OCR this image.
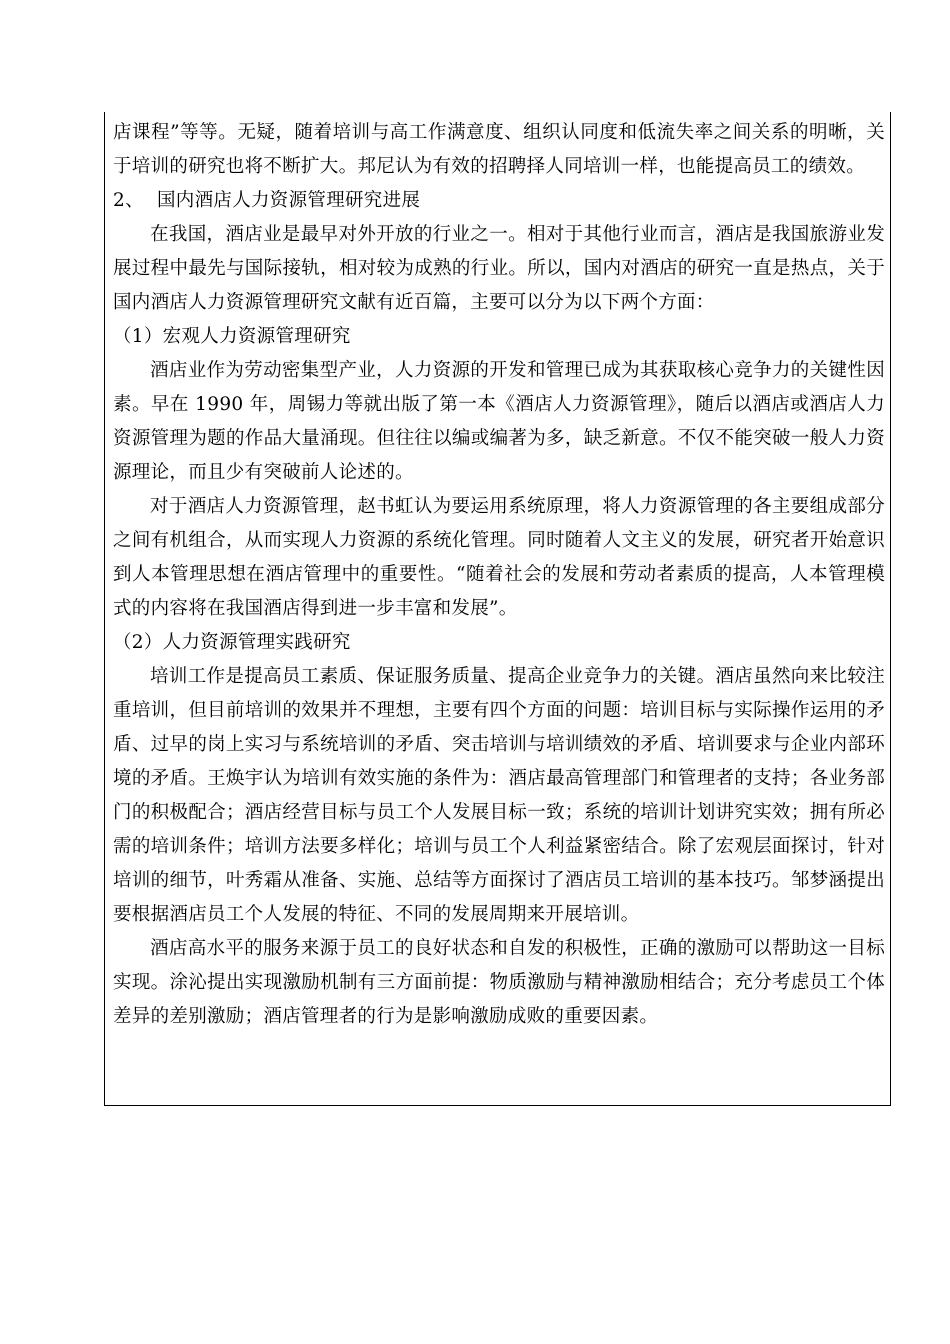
店课程”等等。无疑，随着培训与高工作满意度、组织认同度和低流失率之间关系的明晰，关于培训的研究也将不断扩大。邦尼认为有效的招聘择人同培训一样，也能提高员工的绩效。

2、 国内酒店人力资源管理研究进展

在我国，酒店业是最早对外开放的行业之一。相对于其他行业而言，酒店是我国旅游业发展过程中最先与国际接轨，相对较为成熟的行业。所以，国内对酒店的研究一直是热点，关于国内酒店人力资源管理研究文献有近百篇，主要可以分为以下两个方面：

（1）宏观人力资源管理研究

酒店业作为劳动密集型产业，人力资源的开发和管理已成为其获取核心竞争力的关键性因素。早在 1990 年，周锡力等就出版了第一本《酒店人力资源管理》，随后以酒店或酒店人力资源管理为题的作品大量涌现。但往往以编或编著为多，缺乏新意。不仅不能突破一般人力资源理论，而且少有突破前人论述的。

对于酒店人力资源管理，赵书虹认为要运用系统原理，将人力资源管理的各主要组成部分之间有机组合，从而实现人力资源的系统化管理。同时随着人文主义的发展，研究者开始意识到人本管理思想在酒店管理中的重要性。“随着社会的发展和劳动者素质的提高，人本管理模式的内容将在我国酒店得到进一步丰富和发展”。

（2）人力资源管理实践研究

培训工作是提高员工素质、保证服务质量、提高企业竞争力的关键。酒店虽然向来比较注重培训，但目前培训的效果并不理想，主要有四个方面的问题：培训目标与实际操作运用的矛盾、过早的岗上实习与系统培训的矛盾、突击培训与培训绩效的矛盾、培训要求与企业内部环境的矛盾。王焕宇认为培训有效实施的条件为：酒店最高管理部门和管理者的支持；各业务部门的积极配合；酒店经营目标与员工个人发展目标一致；系统的培训计划讲究实效；拥有所必需的培训条件；培训方法要多样化；培训与员工个人利益紧密结合。除了宏观层面探讨，针对培训的细节，叶秀霜从准备、实施、总结等方面探讨了酒店员工培训的基本技巧。邹梦涵提出要根据酒店员工个人发展的特征、不同的发展周期来开展培训。

酒店高水平的服务来源于员工的良好状态和自发的积极性，正确的激励可以帮助这一目标实现。涂沁提出实现激励机制有三方面前提：物质激励与精神激励相结合；充分考虑员工个体差异的差别激励；酒店管理者的行为是影响激励成败的重要因素。
